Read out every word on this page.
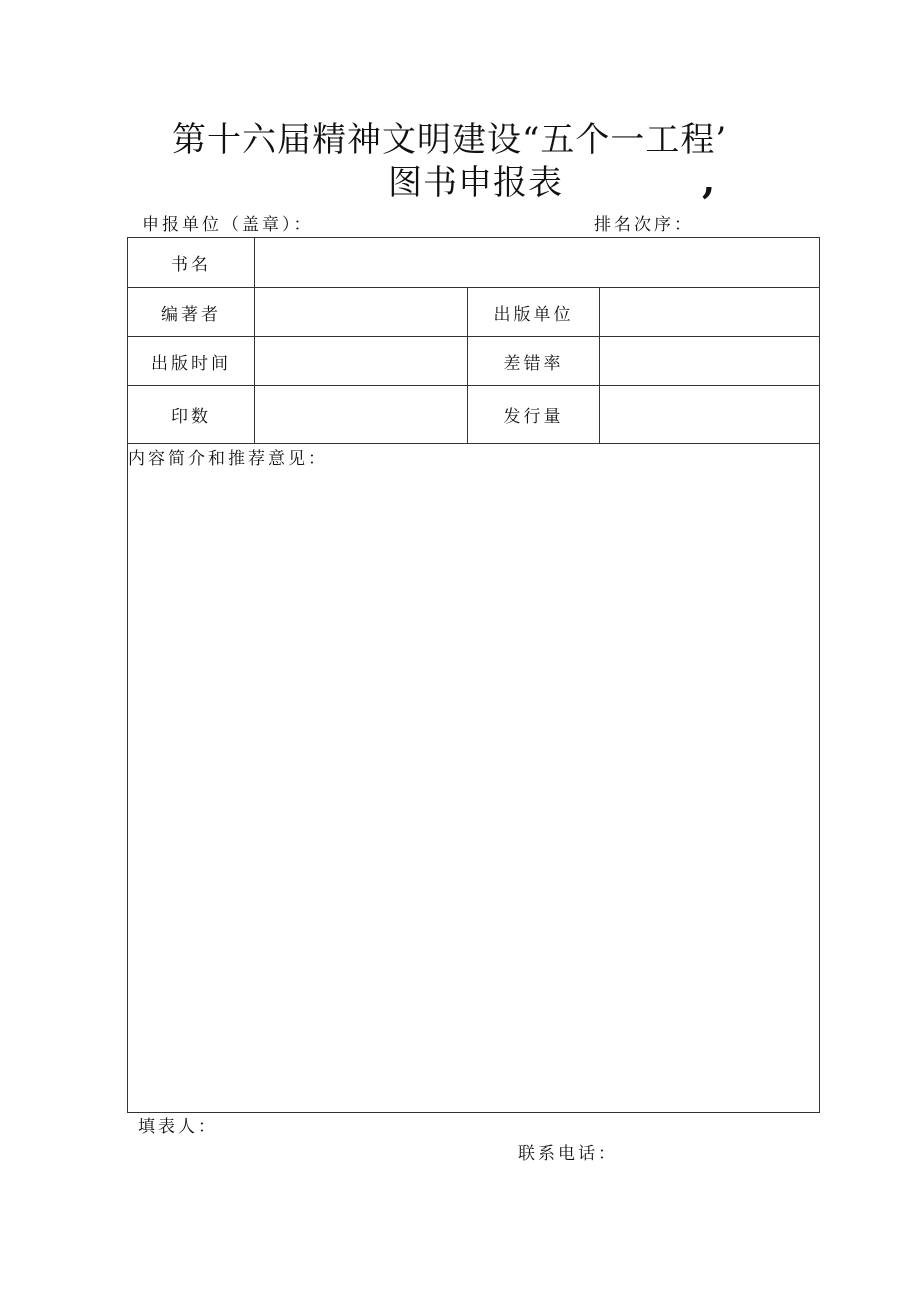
第十六届精神文明建设“五个一工程’
图书申报表	,
申报单位（盖章）：	排名次序：
书名			
编著者		出版单位	
出版时间		差错率	
印数		发行量	
内容简介和推荐意见：			
填表人：
联系电话：
